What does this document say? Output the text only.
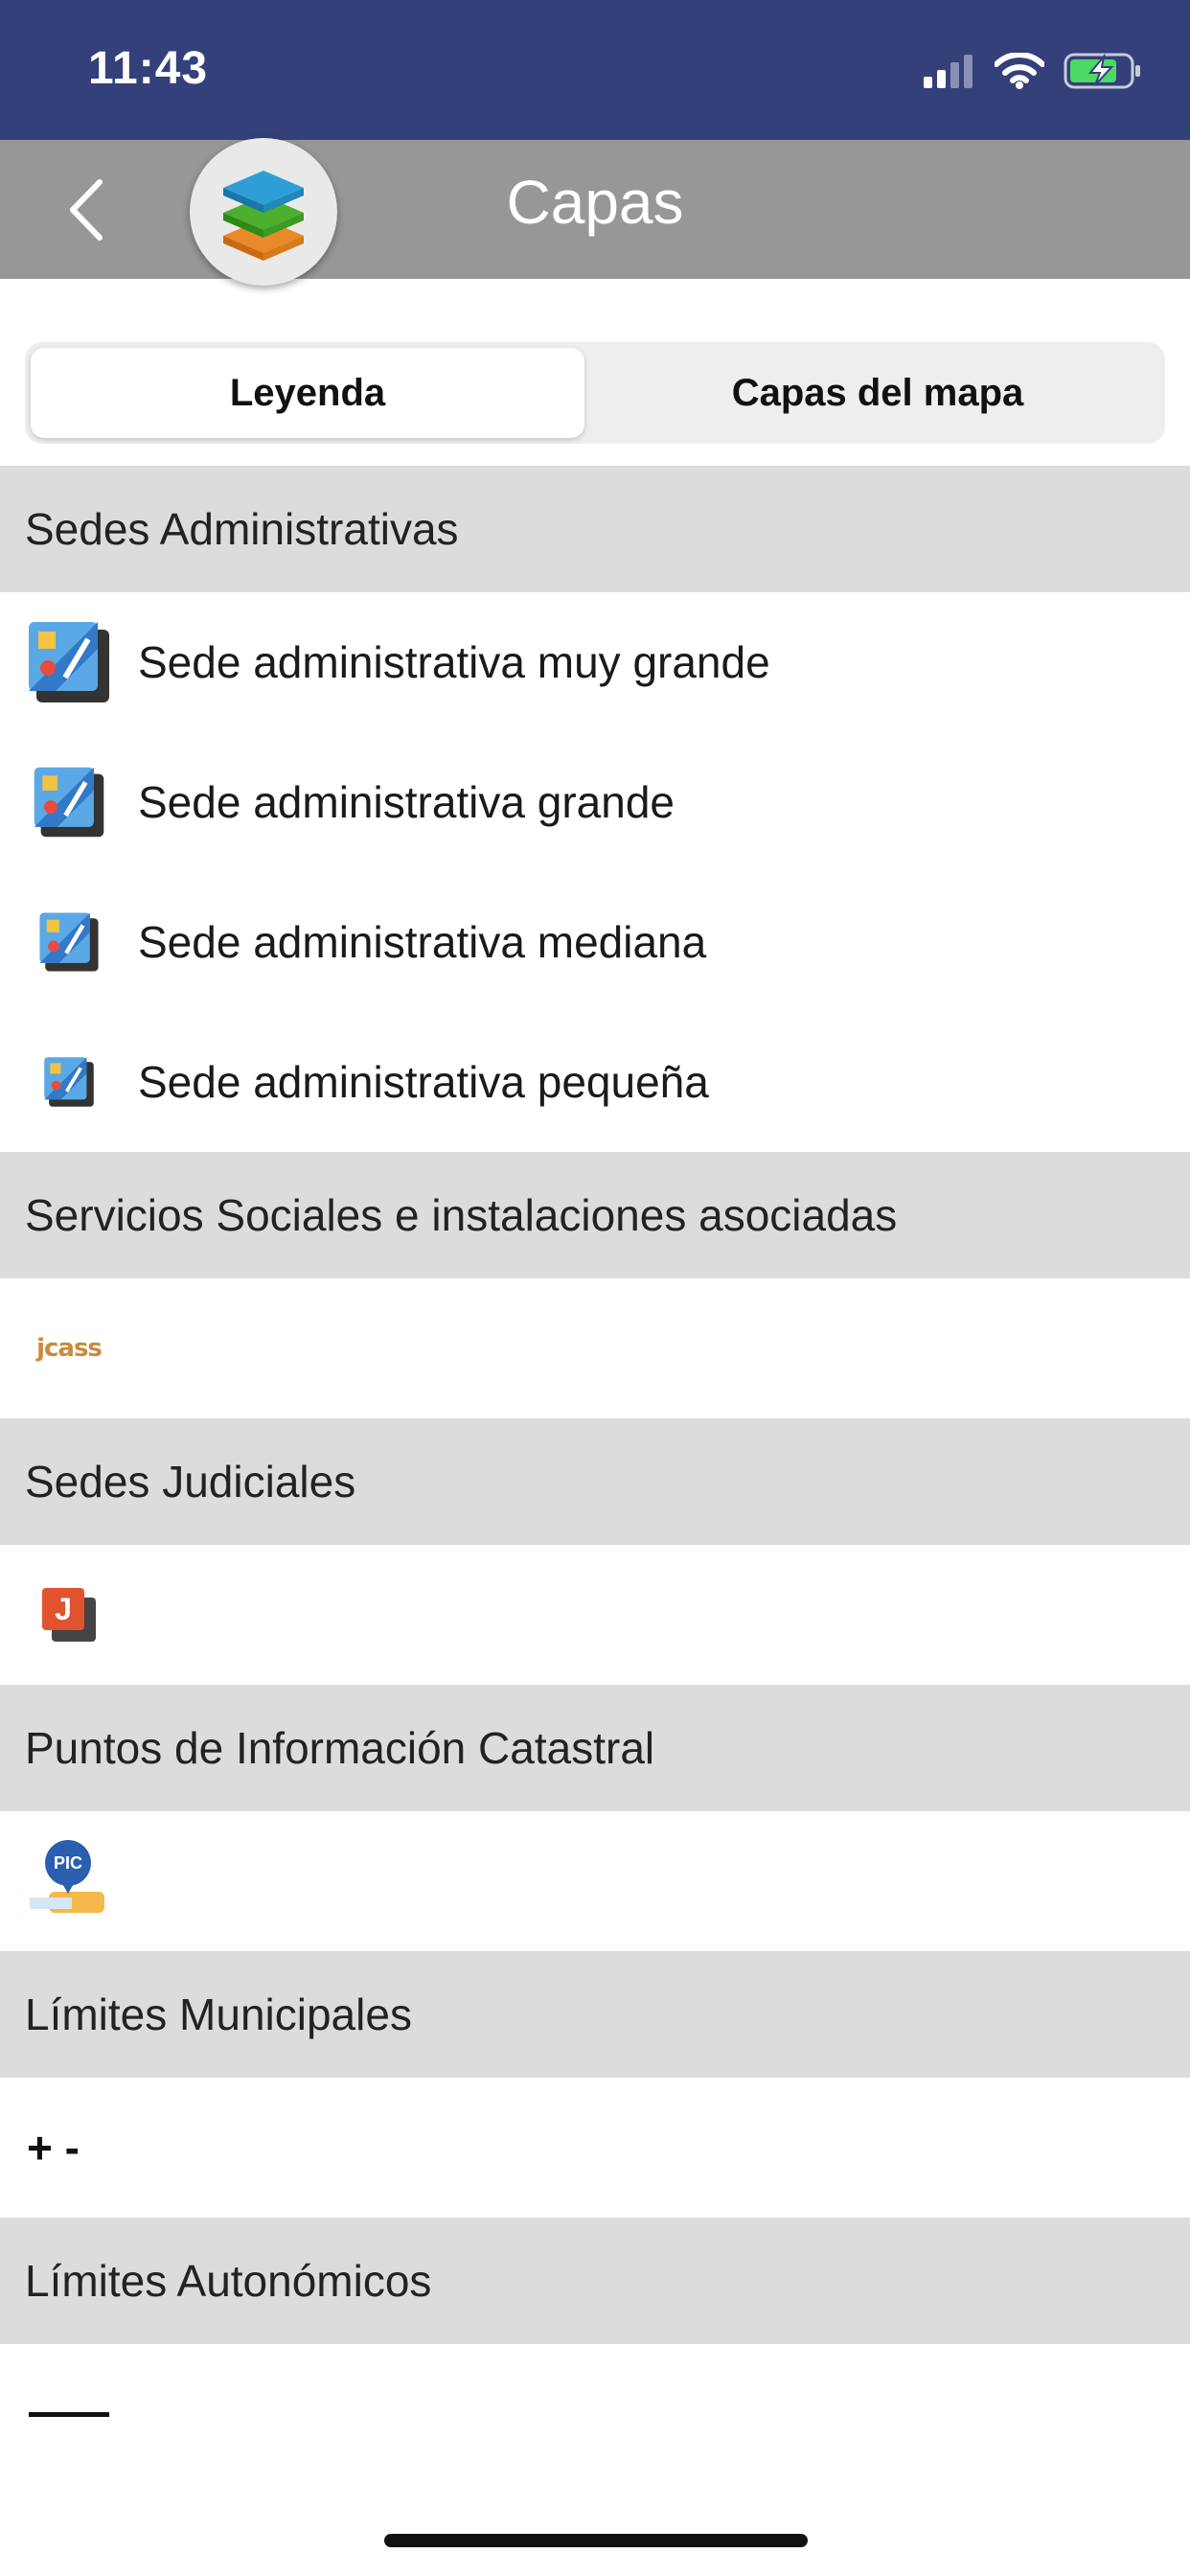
11:43
Capas
Leyenda	Capas del mapa
Sedes Administrativas
Sede administrativa muy grande
Sede administrativa grande
Sede administrativa mediana
Sede administrativa pequeña
Servicios Sociales e instalaciones asociadas
jcass
Sedes Judiciales
J
Puntos de Información Catastral
PIC
Límites Municipales
+ -
Límites Autonómicos
